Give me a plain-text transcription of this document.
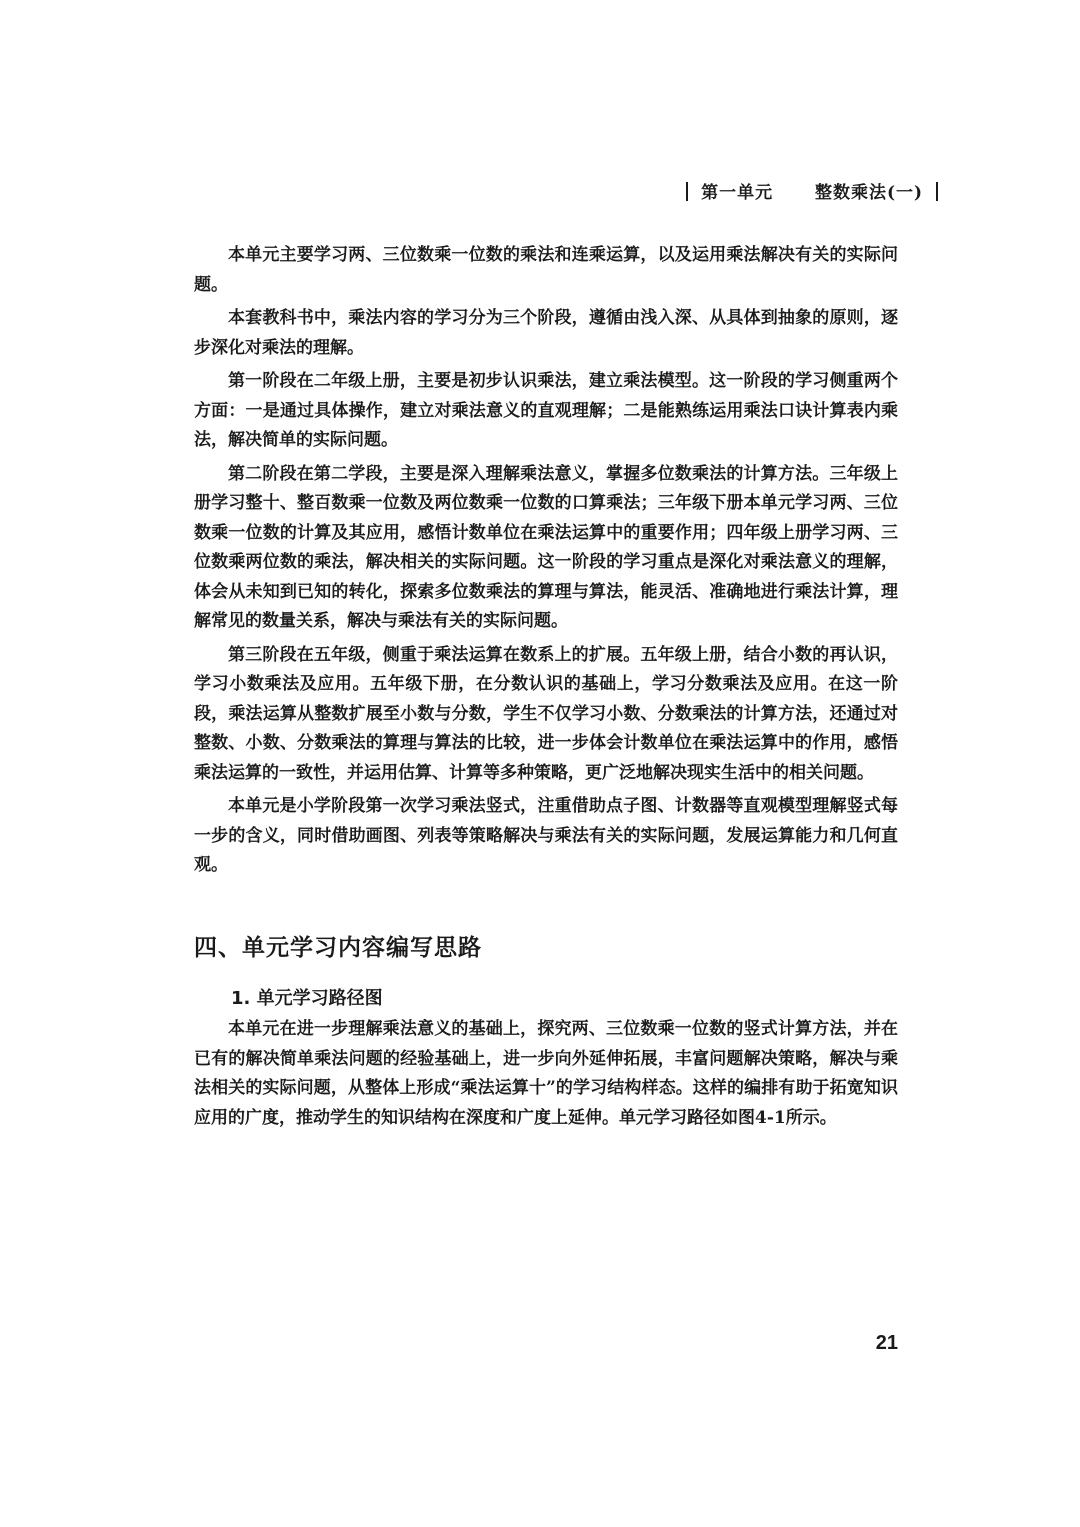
第一单元 整数乘法(一)

本单元主要学习两、三位数乘一位数的乘法和连乘运算，以及运用乘法解决有关的实际问题。

本套教科书中，乘法内容的学习分为三个阶段，遵循由浅入深、从具体到抽象的原则，逐步深化对乘法的理解。

第一阶段在二年级上册，主要是初步认识乘法，建立乘法模型。这一阶段的学习侧重两个方面：一是通过具体操作，建立对乘法意义的直观理解；二是能熟练运用乘法口诀计算表内乘法，解决简单的实际问题。

第二阶段在第二学段，主要是深入理解乘法意义，掌握多位数乘法的计算方法。三年级上册学习整十、整百数乘一位数及两位数乘一位数的口算乘法；三年级下册本单元学习两、三位数乘一位数的计算及其应用，感悟计数单位在乘法运算中的重要作用；四年级上册学习两、三位数乘两位数的乘法，解决相关的实际问题。这一阶段的学习重点是深化对乘法意义的理解，体会从未知到已知的转化，探索多位数乘法的算理与算法，能灵活、准确地进行乘法计算，理解常见的数量关系，解决与乘法有关的实际问题。

第三阶段在五年级，侧重于乘法运算在数系上的扩展。五年级上册，结合小数的再认识，学习小数乘法及应用。五年级下册，在分数认识的基础上，学习分数乘法及应用。在这一阶段，乘法运算从整数扩展至小数与分数，学生不仅学习小数、分数乘法的计算方法，还通过对整数、小数、分数乘法的算理与算法的比较，进一步体会计数单位在乘法运算中的作用，感悟乘法运算的一致性，并运用估算、计算等多种策略，更广泛地解决现实生活中的相关问题。

本单元是小学阶段第一次学习乘法竖式，注重借助点子图、计数器等直观模型理解竖式每一步的含义，同时借助画图、列表等策略解决与乘法有关的实际问题，发展运算能力和几何直观。

四、单元学习内容编写思路
1. 单元学习路径图

本单元在进一步理解乘法意义的基础上，探究两、三位数乘一位数的竖式计算方法，并在已有的解决简单乘法问题的经验基础上，进一步向外延伸拓展，丰富问题解决策略，解决与乘法相关的实际问题，从整体上形成“乘法运算十”的学习结构样态。这样的编排有助于拓宽知识应用的广度，推动学生的知识结构在深度和广度上延伸。单元学习路径如图4-1所示。

21
